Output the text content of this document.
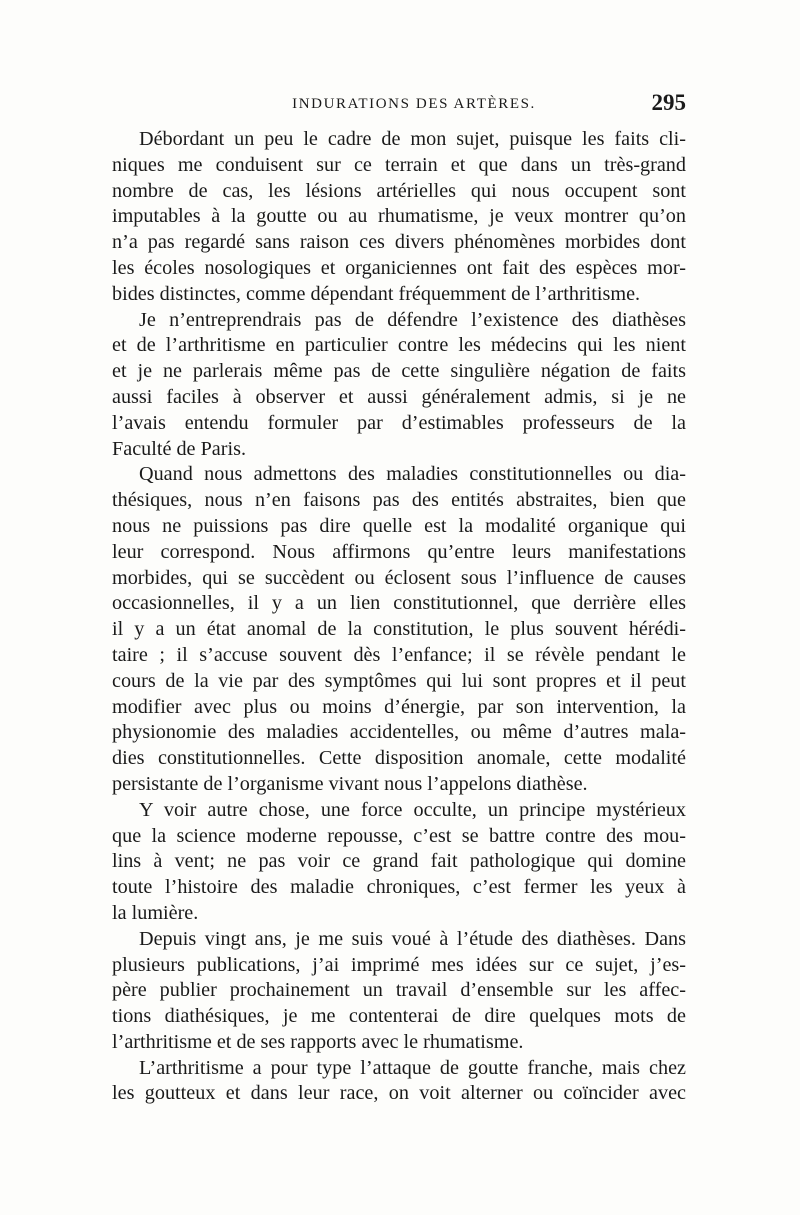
INDURATIONS DES ARTÈRES.	295
Débordant un peu le cadre de mon sujet, puisque les faits cli-
niques me conduisent sur ce terrain et que dans un très-grand
nombre de cas, les lésions artérielles qui nous occupent sont
imputables à la goutte ou au rhumatisme, je veux montrer qu’on
n’a pas regardé sans raison ces divers phénomènes morbides dont
les écoles nosologiques et organiciennes ont fait des espèces mor-
bides distinctes, comme dépendant fréquemment de l’arthritisme.
Je n’entreprendrais pas de défendre l’existence des diathèses
et de l’arthritisme en particulier contre les médecins qui les nient
et je ne parlerais même pas de cette singulière négation de faits
aussi faciles à observer et aussi généralement admis, si je ne
l’avais entendu formuler par d’estimables professeurs de la
Faculté de Paris.
Quand nous admettons des maladies constitutionnelles ou dia-
thésiques, nous n’en faisons pas des entités abstraites, bien que
nous ne puissions pas dire quelle est la modalité organique qui
leur correspond. Nous affirmons qu’entre leurs manifestations
morbides, qui se succèdent ou éclosent sous l’influence de causes
occasionnelles, il y a un lien constitutionnel, que derrière elles
il y a un état anomal de la constitution, le plus souvent hérédi-
taire ; il s’accuse souvent dès l’enfance; il se révèle pendant le
cours de la vie par des symptômes qui lui sont propres et il peut
modifier avec plus ou moins d’énergie, par son intervention, la
physionomie des maladies accidentelles, ou même d’autres mala-
dies constitutionnelles. Cette disposition anomale, cette modalité
persistante de l’organisme vivant nous l’appelons diathèse.
Y voir autre chose, une force occulte, un principe mystérieux
que la science moderne repousse, c’est se battre contre des mou-
lins à vent; ne pas voir ce grand fait pathologique qui domine
toute l’histoire des maladie chroniques, c’est fermer les yeux à
la lumière.
Depuis vingt ans, je me suis voué à l’étude des diathèses. Dans
plusieurs publications, j’ai imprimé mes idées sur ce sujet, j’es-
père publier prochainement un travail d’ensemble sur les affec-
tions diathésiques, je me contenterai de dire quelques mots de
l’arthritisme et de ses rapports avec le rhumatisme.
L’arthritisme a pour type l’attaque de goutte franche, mais chez
les goutteux et dans leur race, on voit alterner ou coïncider avec
